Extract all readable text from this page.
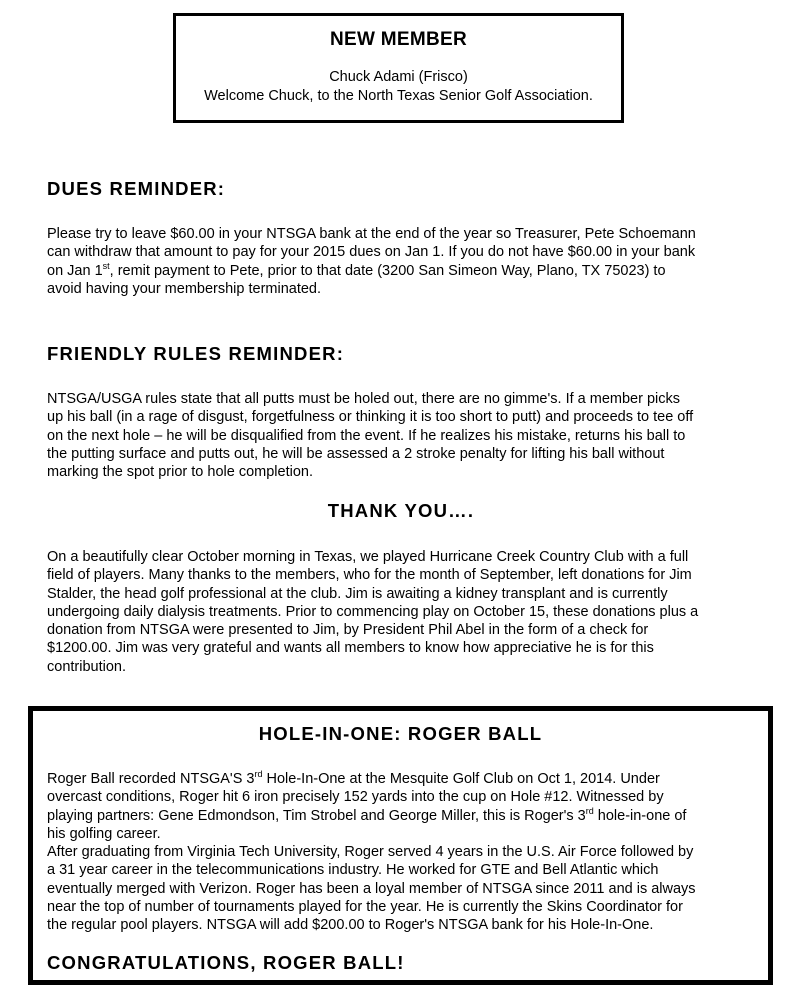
NEW MEMBER
Chuck Adami (Frisco)
Welcome Chuck, to the North Texas Senior Golf Association.
DUES REMINDER:

Please try to leave $60.00 in your NTSGA bank at the end of the year so Treasurer, Pete Schoemann

can withdraw that amount to pay for your 2015 dues on Jan 1. If you do not have $60.00 in your bank

on Jan 1st, remit payment to Pete, prior to that date (3200 San Simeon Way, Plano, TX 75023) to

avoid having your membership terminated.

FRIENDLY RULES REMINDER:

NTSGA/USGA rules state that all putts must be holed out, there are no gimme's. If a member picks

up his ball (in a rage of disgust, forgetfulness or thinking it is too short to putt) and proceeds to tee off

on the next hole – he will be disqualified from the event. If he realizes his mistake, returns his ball to

the putting surface and putts out, he will be assessed a 2 stroke penalty for lifting his ball without

marking the spot prior to hole completion.

THANK YOU….

On a beautifully clear October morning in Texas, we played Hurricane Creek Country Club with a full

field of players. Many thanks to the members, who for the month of September, left donations for Jim

Stalder, the head golf professional at the club. Jim is awaiting a kidney transplant and is currently

undergoing daily dialysis treatments. Prior to commencing play on October 15, these donations plus a

donation from NTSGA were presented to Jim, by President Phil Abel in the form of a check for

$1200.00. Jim was very grateful and wants all members to know how appreciative he is for this

contribution.

HOLE-IN-ONE: ROGER BALL

Roger Ball recorded NTSGA'S 3rd Hole-In-One at the Mesquite Golf Club on Oct 1, 2014. Under

overcast conditions, Roger hit 6 iron precisely 152 yards into the cup on Hole #12. Witnessed by

playing partners: Gene Edmondson, Tim Strobel and George Miller, this is Roger's 3rd hole-in-one of

his golfing career.

After graduating from Virginia Tech University, Roger served 4 years in the U.S. Air Force followed by

a 31 year career in the telecommunications industry. He worked for GTE and Bell Atlantic which

eventually merged with Verizon. Roger has been a loyal member of NTSGA since 2011 and is always

near the top of number of tournaments played for the year. He is currently the Skins Coordinator for

the regular pool players. NTSGA will add $200.00 to Roger's NTSGA bank for his Hole-In-One.

CONGRATULATIONS, ROGER BALL!
